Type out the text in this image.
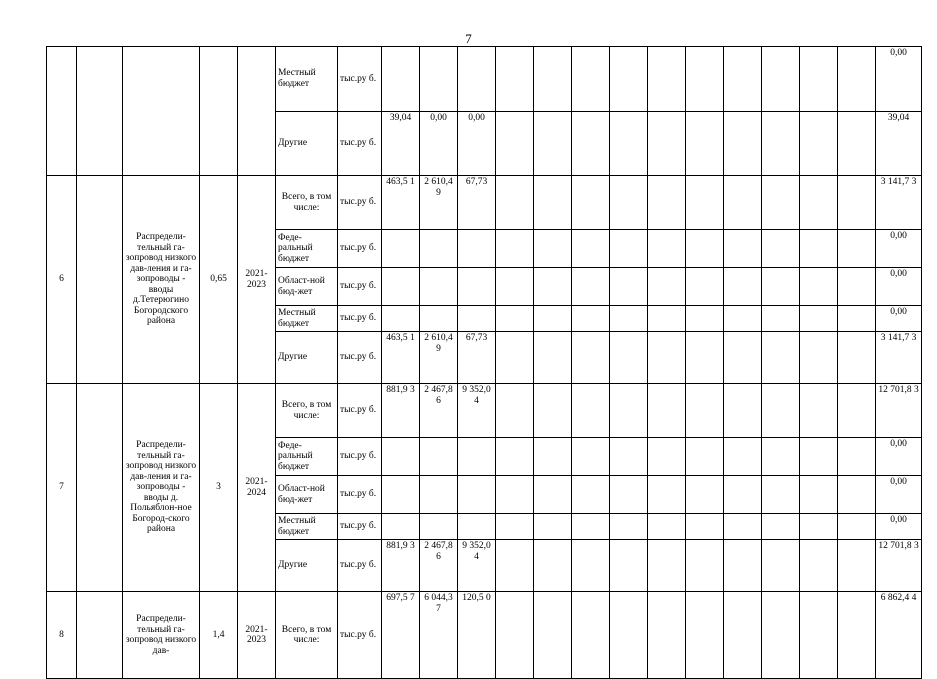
7
					Местный бюджет	тыс.ру б.														0,00	
					Другие	тыс.ру б.	39,04	0,00	0,00											39,04	
6		Распредели-тельный га-зопровод низкого дав-ления и га-зопроводы - вводы д.Тетерюгино Богородского района	0,65	2021-2023	Всего, в том числе:	тыс.ру б.	463,5 1	2 610,4 9	67,73											3 141,7 3	
					Феде-ральный бюджет	тыс.ру б.														0,00	
					Област-ной бюд-жет	тыс.ру б.														0,00	
					Местный бюджет	тыс.ру б.														0,00	
					Другие	тыс.ру б.	463,5 1	2 610,4 9	67,73											3 141,7 3	
7		Распредели-тельный га-зопровод низкого дав-ления и га-зопроводы - вводы д. Польяблон-ное Богород-ского района	3	2021-2024	Всего, в том числе:	тыс.ру б.	881,9 3	2 467,8 6	9 352,0 4											12 701,8 3	
					Феде-ральный бюджет	тыс.ру б.														0,00	
					Област-ной бюд-жет	тыс.ру б.														0,00	
					Местный бюджет	тыс.ру б.														0,00	
					Другие	тыс.ру б.	881,9 3	2 467,8 6	9 352,0 4											12 701,8 3	
8		Распредели-тельный га-зопровод низкого дав-	1,4	2021-2023	Всего, в том числе:	тыс.ру б.	697,5 7	6 044,3 7	120,5 0											6 862,4 4	
